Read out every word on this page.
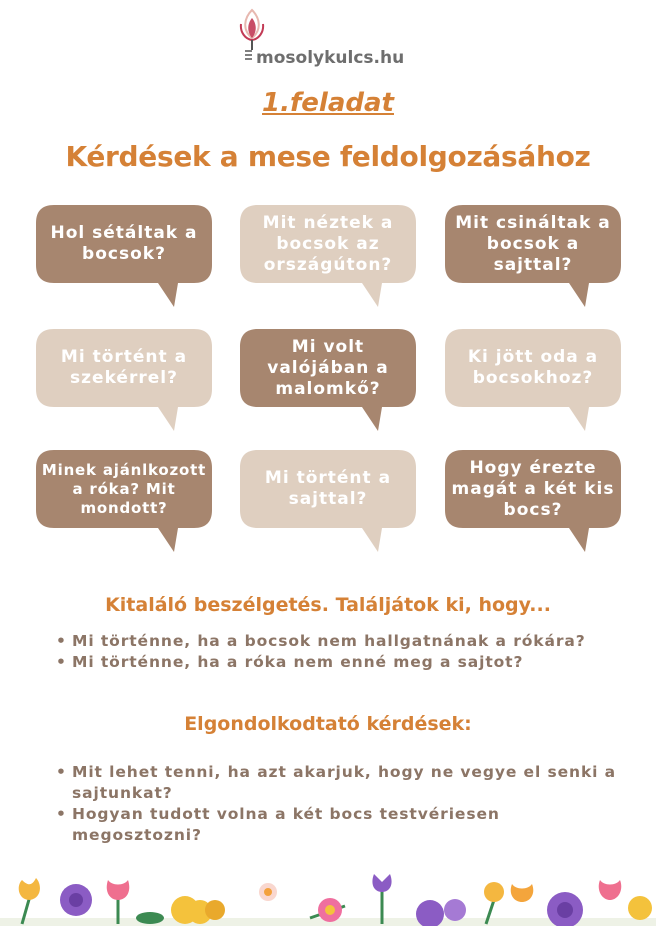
mosolykulcs.hu
1.feladat
Kérdések a mese feldolgozásához
Hol sétáltak a bocsok?
Mit néztek a bocsok az országúton?
Mit csináltak a bocsok a sajttal?
Mi történt a szekérrel?
Mi volt valójában a malomkő?
Ki jött oda a bocsokhoz?
Minek ajánlkozott a róka? Mit mondott?
Mi történt a sajttal?
Hogy érezte magát a két kis bocs?
Kitaláló beszélgetés. Találjátok ki, hogy...
• Mi történne, ha a bocsok nem hallgatnának a rókára?
• Mi történne, ha a róka nem enné meg a sajtot?
Elgondolkodtató kérdések:
• Mit lehet tenni, ha azt akarjuk, hogy ne vegye el senki a sajtunkat?
• Hogyan tudott volna a két bocs testvériesen megosztozni?
